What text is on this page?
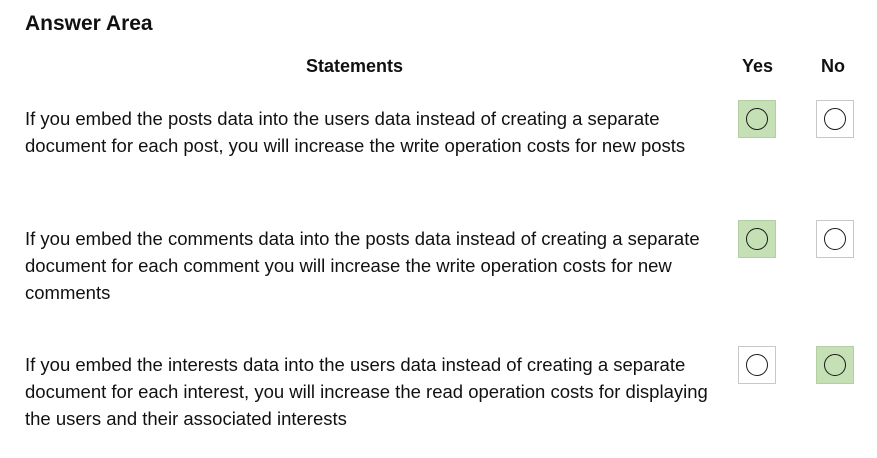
Answer Area
Statements	Yes	No
If you embed the posts data into the users data instead of creating a separate document for each post, you will increase the write operation costs for new posts
If you embed the comments data into the posts data instead of creating a separate document for each comment you will increase the write operation costs for new comments
If you embed the interests data into the users data instead of creating a separate document for each interest, you will increase the read operation costs for displaying the users and their associated interests
